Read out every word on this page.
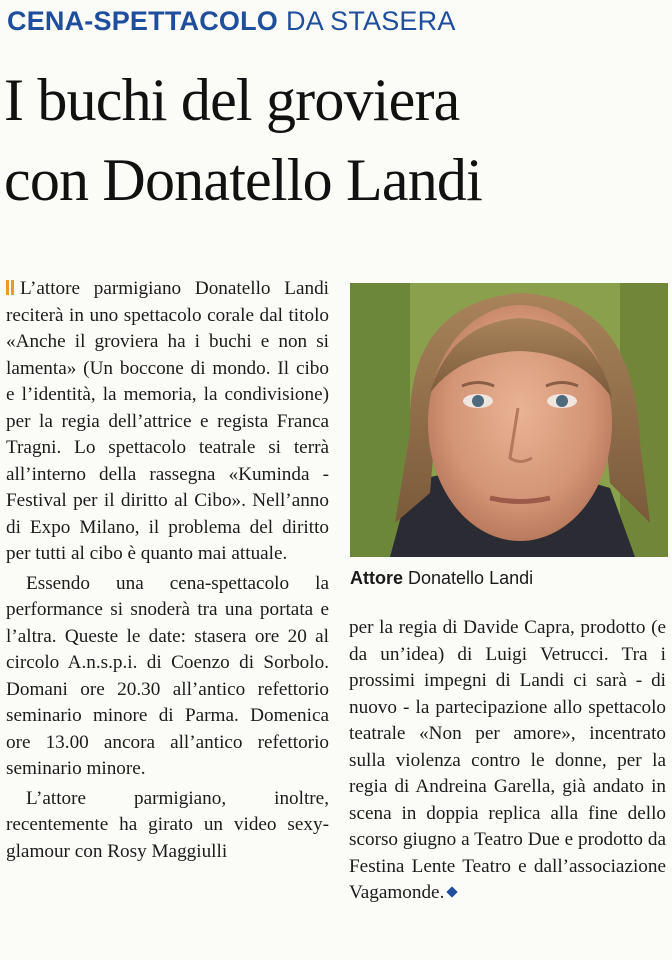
CENA-SPETTACOLO DA STASERA
I buchi del groviera
con Donatello Landi

L’attore parmigiano Donatello Landi reciterà in uno spettacolo corale dal titolo «Anche il groviera ha i buchi e non si lamenta» (Un boccone di mondo. Il cibo e l’identità, la memoria, la condivisione) per la regia dell’attrice e regista Franca Tragni. Lo spettacolo teatrale si terrà all’interno della rassegna «Kuminda - Festival per il diritto al Cibo». Nell’anno di Expo Milano, il problema del diritto per tutti al cibo è quanto mai attuale.

Essendo una cena-spettacolo la performance si snoderà tra una portata e l’altra. Queste le date: stasera ore 20 al circolo A.n.s.p.i. di Coenzo di Sorbolo. Domani ore 20.30 all’antico refettorio seminario minore di Parma. Domenica ore 13.00 ancora all’antico refettorio seminario minore.

L’attore parmigiano, inoltre, recentemente ha girato un video sexy-glamour con Rosy Maggiulli

Attore Donatello Landi

per la regia di Davide Capra, prodotto (e da un’idea) di Luigi Vetrucci. Tra i prossimi impegni di Landi ci sarà - di nuovo - la partecipazione allo spettacolo teatrale «Non per amore», incentrato sulla violenza contro le donne, per la regia di Andreina Garella, già andato in scena in doppia replica alla fine dello scorso giugno a Teatro Due e prodotto da Festina Lente Teatro e dall’associazione Vagamonde.
